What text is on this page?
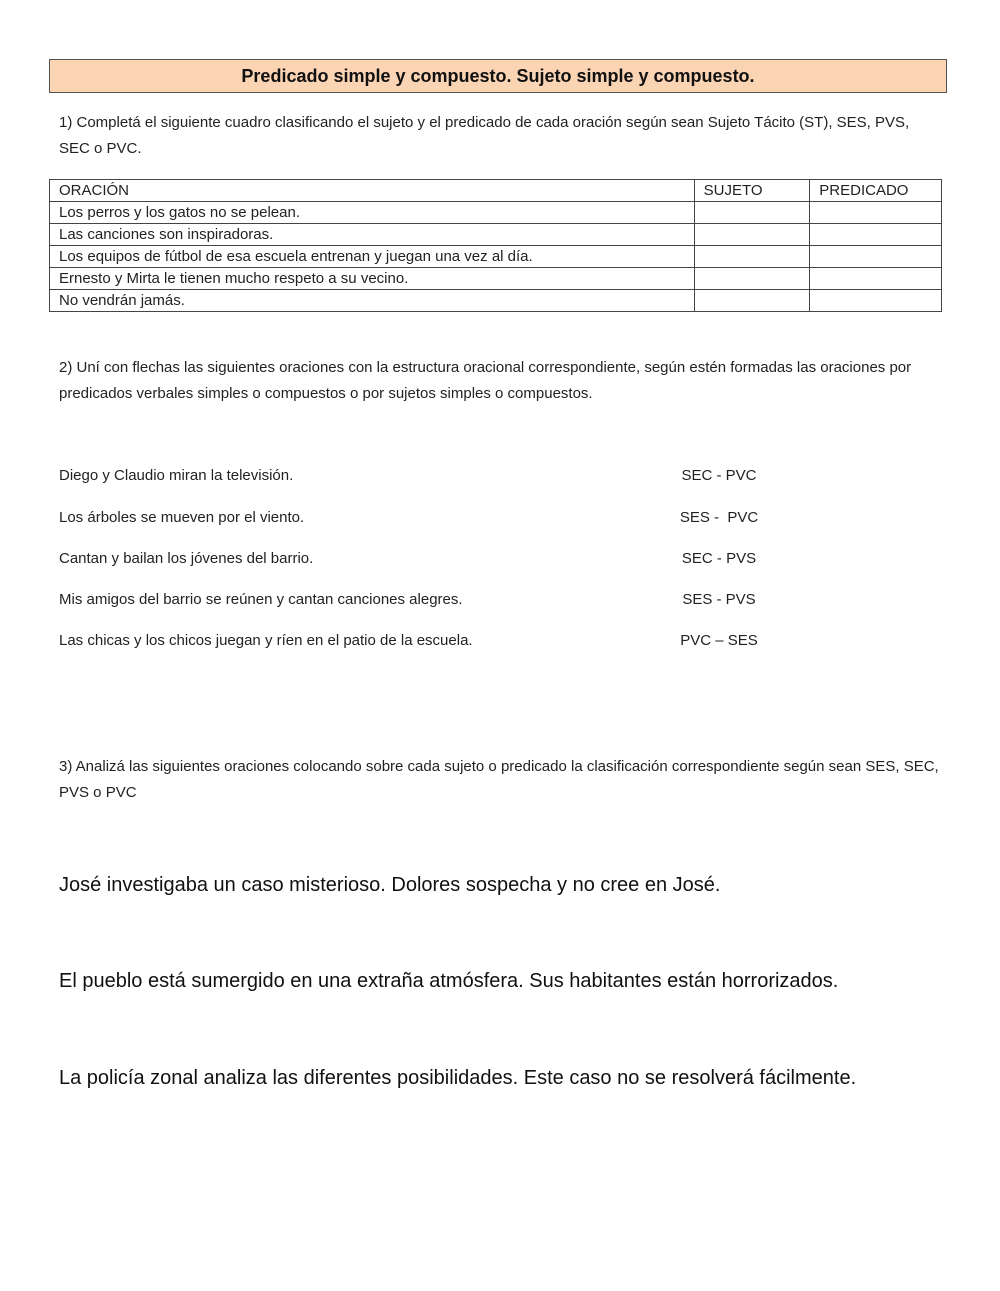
Predicado simple y compuesto. Sujeto simple y compuesto.

1) Completá el siguiente cuadro clasificando el sujeto y el predicado de cada oración según sean Sujeto Tácito (ST), SES, PVS, SEC o PVC.

ORACIÓN	SUJETO	PREDICADO
Los perros y los gatos no se pelean.		
Las canciones son inspiradoras.		
Los equipos de fútbol de esa escuela entrenan y juegan una vez al día.		
Ernesto y Mirta le tienen mucho respeto a su vecino.		
No vendrán jamás.		

2) Uní con flechas las siguientes oraciones con la estructura oracional correspondiente, según estén formadas las oraciones por predicados verbales simples o compuestos o por sujetos simples o compuestos.

Diego y Claudio miran la televisión.	SEC - PVC
Los árboles se mueven por el viento.	SES -  PVC
Cantan y bailan los jóvenes del barrio.	SEC - PVS
Mis amigos del barrio se reúnen y cantan canciones alegres.	SES - PVS
Las chicas y los chicos juegan y ríen en el patio de la escuela.	PVC – SES

3) Analizá las siguientes oraciones colocando sobre cada sujeto o predicado la clasificación correspondiente según sean SES, SEC, PVS o PVC

José investigaba un caso misterioso. Dolores sospecha y no cree en José.
El pueblo está sumergido en una extraña atmósfera. Sus habitantes están horrorizados.
La policía zonal analiza las diferentes posibilidades. Este caso no se resolverá fácilmente.
